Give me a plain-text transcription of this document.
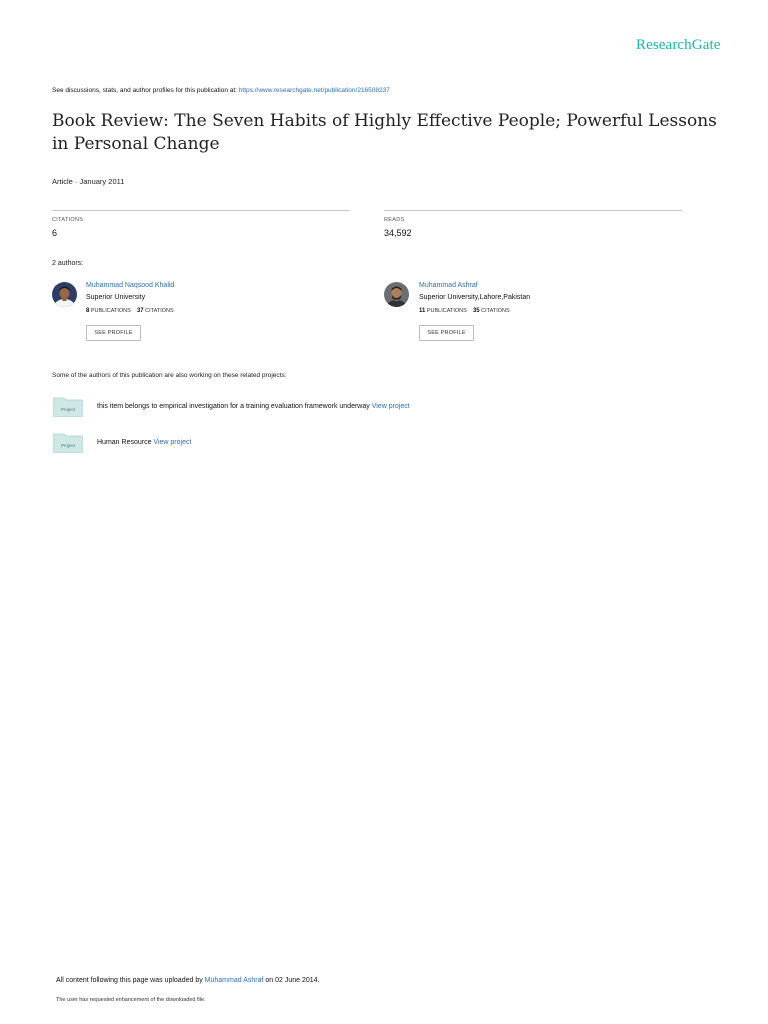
ResearchGate
See discussions, stats, and author profiles for this publication at: https://www.researchgate.net/publication/216508237
Book Review: The Seven Habits of Highly Effective People; Powerful Lessons in Personal Change
Article · January 2011
CITATIONS
6
READS
34,592
2 authors:
Muhammad Naqsood Khalid
Superior University
8 PUBLICATIONS 37 CITATIONS
SEE PROFILE
Muhammad Ashraf
Superior University,Lahore,Pakistan
11 PUBLICATIONS 35 CITATIONS
SEE PROFILE
Some of the authors of this publication are also working on these related projects:
Project	this item belongs to empirical investigation for a training evaluation framework underway View project
Project	Human Resource View project
All content following this page was uploaded by Muhammad Ashraf on 02 June 2014.
The user has requested enhancement of the downloaded file.
